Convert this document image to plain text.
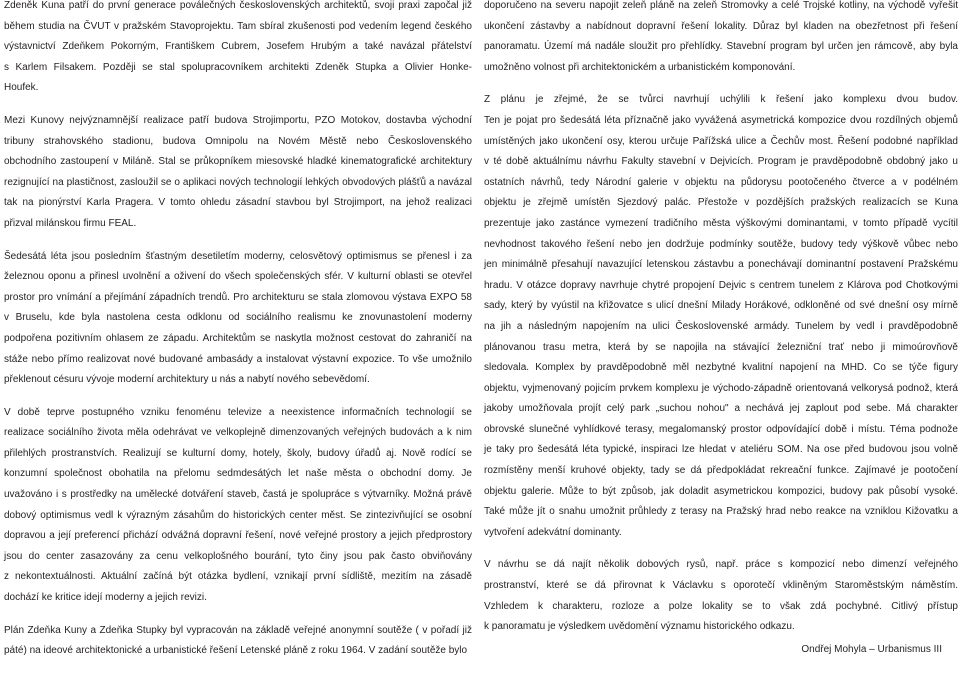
Zdeněk Kuna patří do první generace poválečných československých architektů, svoji praxi započal již
během studia na ČVUT v pražském Stavoprojektu. Tam sbíral zkušenosti pod vedením legend českého
výstavnictví Zdeňkem Pokorným, Františkem Cubrem, Josefem Hrubým a také navázal přátelství
s Karlem Filsakem. Později se stal spolupracovníkem architekti Zdeněk Stupka a Olivier Honke-
Houfek.

Mezi Kunovy nejvýznamnější realizace patří budova Strojimportu, PZO Motokov, dostavba východní
tribuny strahovského stadionu, budova Omnipolu na Novém Městě nebo Československého
obchodního zastoupení v Miláně. Stal se průkopníkem miesovské hladké kinematografické architektury
rezignující na plastičnost, zasloužil se o aplikaci nových technologií lehkých obvodových plášťů a navázal
tak na pionýrství Karla Pragera. V tomto ohledu zásadní stavbou byl Strojimport, na jehož realizaci
přizval milánskou firmu FEAL.

Šedesátá léta jsou posledním šťastným desetiletím moderny, celosvětový optimismus se přenesl i za
železnou oponu a přinesl uvolnění a oživení do všech společenských sfér. V kulturní oblasti se otevřel
prostor pro vnímání a přejímání západních trendů. Pro architekturu se stala zlomovou výstava EXPO 58
v Bruselu, kde byla nastolena cesta odklonu od sociálního realismu ke znovunastolení moderny
podpořena pozitivním ohlasem ze západu. Architektům se naskytla možnost cestovat do zahraničí na
stáže nebo přímo realizovat nové budované ambasády a instalovat výstavní expozice. To vše umožnilo
překlenout césuru vývoje moderní architektury u nás a nabytí nového sebevědomí.

V době teprve postupného vzniku fenoménu televize a neexistence informačních technologií se
realizace sociálního života měla odehrávat ve velkoplejně dimenzovaných veřejných budovách a k nim
přilehlých prostranstvích. Realizují se kulturní domy, hotely, školy, budovy úřadů aj. Nově rodící se
konzumní společnost obohatila na přelomu sedmdesátých let naše města o obchodní domy. Je
uvažováno i s prostředky na umělecké dotváření staveb, častá je spolupráce s výtvarníky. Možná právě
dobový optimismus vedl k výrazným zásahům do historických center měst. Se zintezivňující se osobní
dopravou a její preferencí přichází odvážná dopravní řešení, nové veřejné prostory a jejich předprostory
jsou do center zasazovány za cenu velkoplošného bourání, tyto činy jsou pak často obviňovány
z nekontextuálnosti. Aktuální začíná být otázka bydlení, vznikají první sídliště, mezitím na zásadě
dochází ke kritice idejí moderny a jejich revizi.

Plán Zdeňka Kuny a Zdeňka Stupky byl vypracován na základě veřejné anonymní soutěže ( v pořadí již
páté) na ideové architektonické a urbanistické řešení Letenské pláně z roku 1964. V zadání soutěže bylo

doporučeno na severu napojit zeleň pláně na zeleň Stromovky a celé Trojské kotliny, na východě vyřešit
ukončení zástavby a nabídnout dopravní řešení lokality. Důraz byl kladen na obezřetnost při řešení
panoramatu. Území má nadále sloužit pro přehlídky. Stavební program byl určen jen rámcově, aby byla
umožněno volnost při architektonickém a urbanistickém komponování.

Z plánu je zřejmé, že se tvůrci navrhují uchýlili k řešení jako komplexu dvou budov.
Ten je pojat pro šedesátá léta příznačně jako vyvážená asymetrická kompozice dvou rozdílných objemů
umístěných jako ukončení osy, kterou určuje Pařížská ulice a Čechův most. Řešení podobné například
v té době aktuálnímu návrhu Fakulty stavební v Dejvicích. Program je pravděpodobně obdobný jako u
ostatních návrhů, tedy Národní galerie v objektu na půdorysu pootočeného čtverce a v podélném
objektu je zřejmě umístěn Sjezdový palác. Přestože v pozdějších pražských realizacích se Kuna
prezentuje jako zastánce vymezení tradičního města výškovými dominantami, v tomto případě vycítil
nevhodnost takového řešení nebo jen dodržuje podmínky soutěže, budovy tedy výškově vůbec nebo
jen minimálně přesahují navazující letenskou zástavbu a ponechávají dominantní postavení Pražskému
hradu. V otázce dopravy navrhuje chytré propojení Dejvic s centrem tunelem z Klárova pod Chotkovými
sady, který by vyústil na křižovatce s ulicí dnešní Milady Horákové, odkloněné od své dnešní osy mírně
na jih a následným napojením na ulici Československé armády. Tunelem by vedl i pravděpodobně
plánovanou trasu metra, která by se napojila na stávající železniční trať nebo ji mimoúrovňově
sledovala. Komplex by pravděpodobně měl nezbytné kvalitní napojení na MHD. Co se týče figury
objektu, vyjmenovaný pojicím prvkem komplexu je východo-západně orientovaná velkorysá podnož, která
jakoby umožňovala projít celý park „suchou nohou" a nechává jej zaplout pod sebe. Má charakter
obrovské slunečné vyhlídkové terasy, megalomanský prostor odpovídající době i místu. Téma podnože
je taky pro šedesátá léta typické, inspiraci lze hledat v ateliéru SOM. Na ose před budovou jsou volně
rozmístěny menší kruhové objekty, tady se dá předpokládat rekreační funkce. Zajímavé je pootočení
objektu galerie. Může to být způsob, jak doladit asymetrickou kompozici, budovy pak působí vysoké.
Také může jít o snahu umožnit průhledy z terasy na Pražský hrad nebo reakce na vzniklou Kižovatku a
vytvoření adekvátní dominanty.

V návrhu se dá najít několik dobových rysů, např. práce s kompozicí nebo dimenzí veřejného
prostranství, které se dá přirovnat k Václavku s oporotečí vkliněným Staroměstským náměstím.
Vzhledem k charakteru, rozloze a polze lokality se to však zdá pochybné. Citlivý přístup
k panoramatu je výsledkem uvědomění významu historického odkazu.

Ondřej Mohyla – Urbanismus III
